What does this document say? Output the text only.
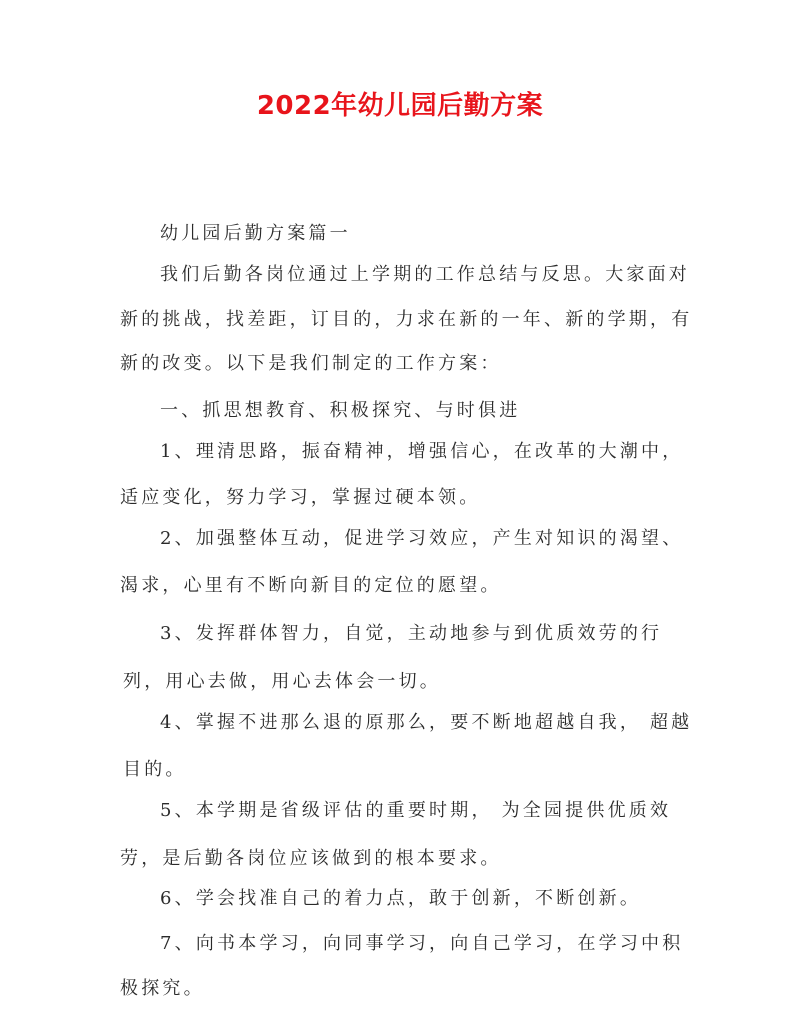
2022年幼儿园后勤方案
幼儿园后勤方案篇一
我们后勤各岗位通过上学期的工作总结与反思。大家面对
新的挑战，找差距，订目的，力求在新的一年、新的学期，有
新的改变。以下是我们制定的工作方案：
一、抓思想教育、积极探究、与时俱进
1、理清思路，振奋精神，增强信心，在改革的大潮中，
适应变化，努力学习，掌握过硬本领。
2、加强整体互动，促进学习效应，产生对知识的渴望、
渴求，心里有不断向新目的定位的愿望。
3、发挥群体智力，自觉，主动地参与到优质效劳的行
列，用心去做，用心去体会一切。
4、掌握不进那么退的原那么，要不断地超越自我， 超越
目的。
5、本学期是省级评估的重要时期， 为全园提供优质效
劳，是后勤各岗位应该做到的根本要求。
6、学会找准自己的着力点，敢于创新，不断创新。
7、向书本学习，向同事学习，向自己学习，在学习中积
极探究。
